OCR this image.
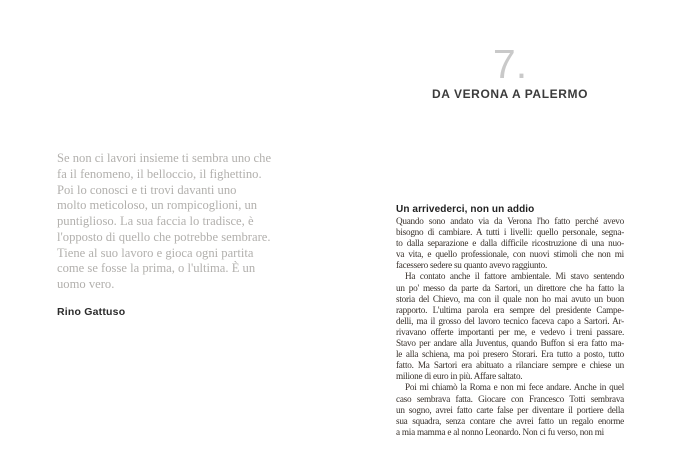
Se non ci lavori insieme ti sembra uno che
fa il fenomeno, il belloccio, il fighettino.
Poi lo conosci e ti trovi davanti uno
molto meticoloso, un rompicoglioni, un
puntiglioso. La sua faccia lo tradisce, è
l'opposto di quello che potrebbe sembrare.
Tiene al suo lavoro e gioca ogni partita
come se fosse la prima, o l'ultima. È un
uomo vero.
Rino Gattuso
7.
DA VERONA A PALERMO
Un arrivederci, non un addio
Quando sono andato via da Verona l'ho fatto perché avevo
bisogno di cambiare. A tutti i livelli: quello personale, segna-
to dalla separazione e dalla difficile ricostruzione di una nuo-
va vita, e quello professionale, con nuovi stimoli che non mi
facessero sedere su quanto avevo raggiunto.
Ha contato anche il fattore ambientale. Mi stavo sentendo
un po' messo da parte da Sartori, un direttore che ha fatto la
storia del Chievo, ma con il quale non ho mai avuto un buon
rapporto. L'ultima parola era sempre del presidente Campe-
delli, ma il grosso del lavoro tecnico faceva capo a Sartori. Ar-
rivavano offerte importanti per me, e vedevo i treni passare.
Stavo per andare alla Juventus, quando Buffon si era fatto ma-
le alla schiena, ma poi presero Storari. Era tutto a posto, tutto
fatto. Ma Sartori era abituato a rilanciare sempre e chiese un
milione di euro in più. Affare saltato.
Poi mi chiamò la Roma e non mi fece andare. Anche in quel
caso sembrava fatta. Giocare con Francesco Totti sembrava
un sogno, avrei fatto carte false per diventare il portiere della
sua squadra, senza contare che avrei fatto un regalo enorme
a mia mamma e al nonno Leonardo. Non ci fu verso, non mi
